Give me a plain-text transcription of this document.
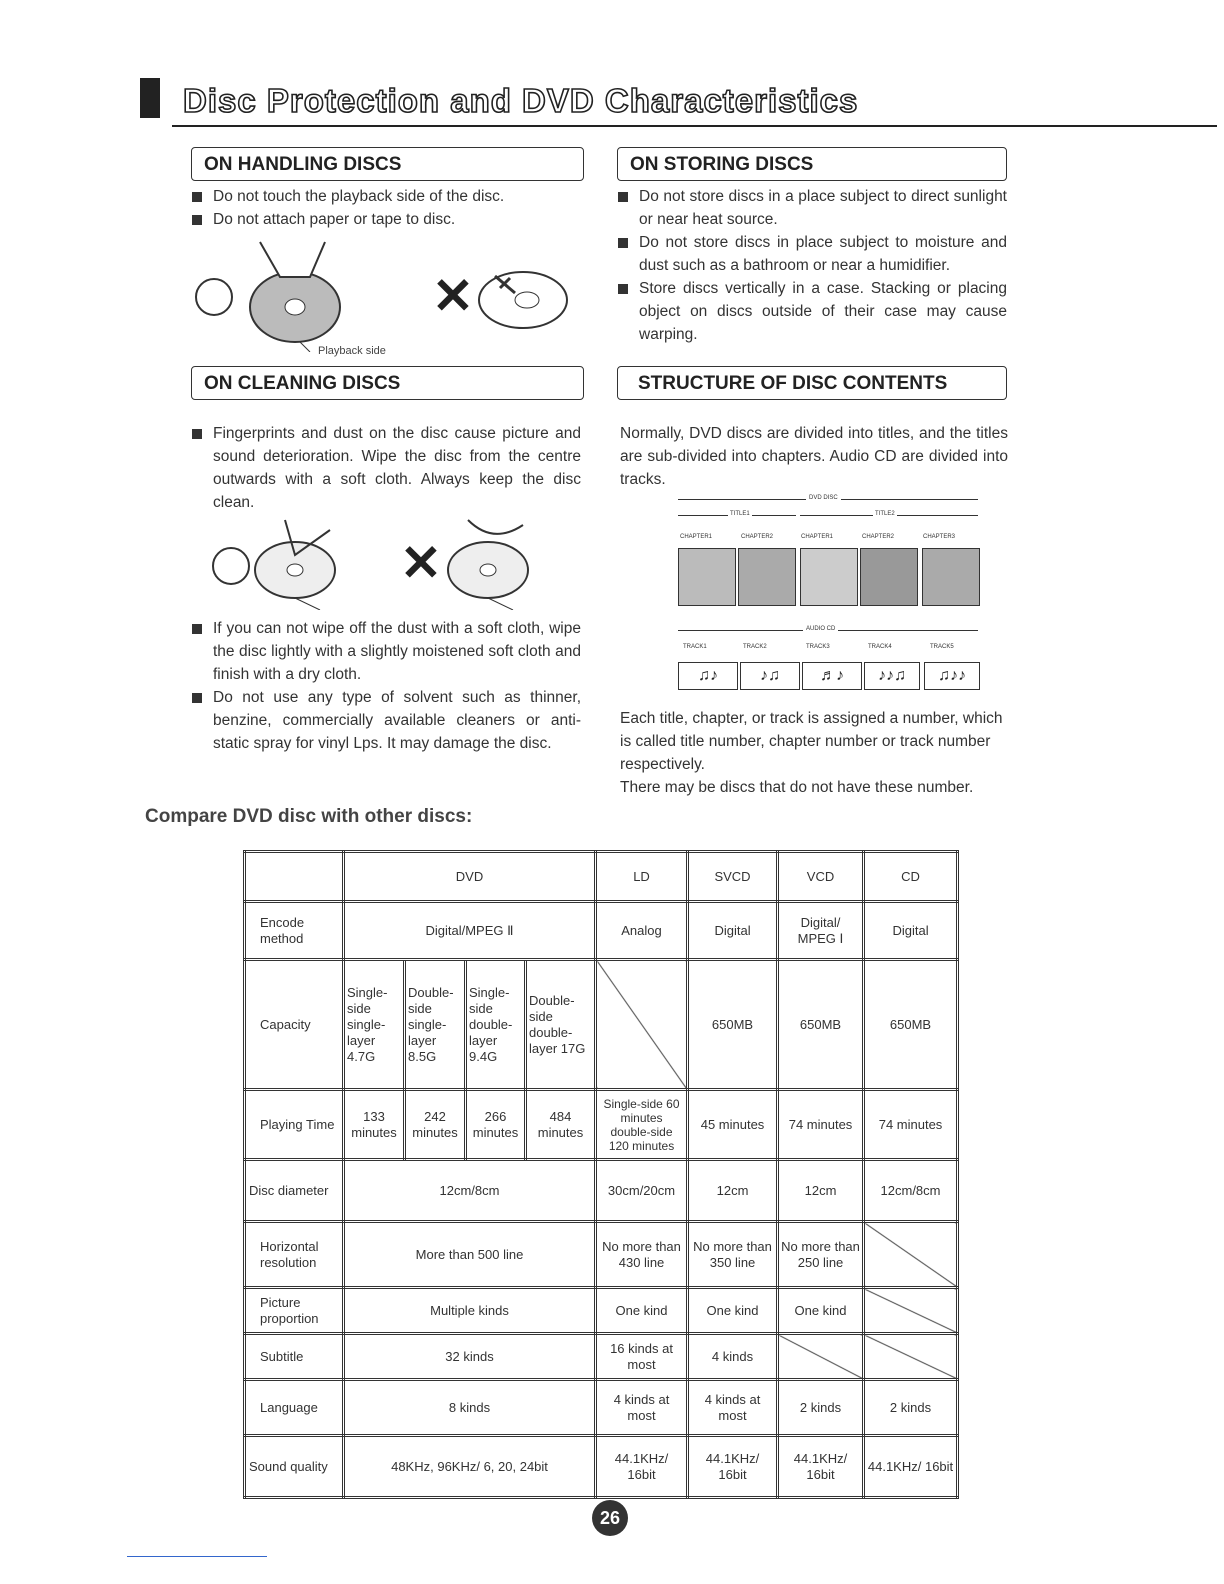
Disc Protection and DVD Characteristics
ON HANDLING DISCS
Do not touch the playback side of the disc.
Do not attach paper or tape to disc.
Playback side
✕
ON CLEANING DISCS
Fingerprints and dust on the disc cause picture and sound deterioration. Wipe the disc from the centre outwards with a soft cloth. Always keep the disc clean.
✕
If you can not wipe off the dust with a soft cloth, wipe the disc lightly with a slightly moistened soft cloth and finish with a dry cloth.
Do not use any type of solvent such as thinner, benzine, commercially available cleaners or anti-static spray for vinyl Lps. It may damage the disc.
ON STORING DISCS
Do not store discs in a place subject to direct sunlight or near heat source.
Do not store discs in place subject to moisture and dust such as a bathroom or near a humidifier.
Store discs vertically in a case. Stacking or placing object on discs outside of their case may cause warping.
STRUCTURE OF DISC CONTENTS
Normally, DVD discs are divided into titles, and the titles are sub-divided into chapters. Audio CD are divided into tracks.
DVD DISC
TITLE1	TITLE2
CHAPTER1	CHAPTER2	CHAPTER1	CHAPTER2	CHAPTER3
AUDIO CD
TRACK1	TRACK2	TRACK3	TRACK4	TRACK5
♫♪	♪♫	♬♪	♪♪♫	♫♪♪
Each title, chapter, or track is assigned a number, which is called title number, chapter number or track number respectively.
There may be discs that do not have these number.
Compare DVD disc with other discs:
	DVD				LD	SVCD	VCD	CD
Encode method	Digital/MPEG Ⅱ				Analog	Digital	Digital/ MPEG Ⅰ	Digital
Capacity	Single-side single-layer 4.7G	Double-side single-layer 8.5G	Single-side double-layer 9.4G	Double-side double-layer 17G		650MB	650MB	650MB
Playing Time	133 minutes	242 minutes	266 minutes	484 minutes	Single-side 60 minutes double-side 120 minutes	45 minutes	74 minutes	74 minutes
Disc diameter	12cm/8cm				30cm/20cm	12cm	12cm	12cm/8cm
Horizontal resolution	More than 500 line				No more than 430 line	No more than 350 line	No more than 250 line	
Picture proportion	Multiple kinds				One kind	One kind	One kind	
Subtitle	32 kinds				16 kinds at most	4 kinds		
Language	8 kinds				4 kinds at most	4 kinds at most	2 kinds	2 kinds
Sound quality	48KHz, 96KHz/ 6, 20, 24bit				44.1KHz/ 16bit	44.1KHz/ 16bit	44.1KHz/ 16bit	44.1KHz/ 16bit
26
